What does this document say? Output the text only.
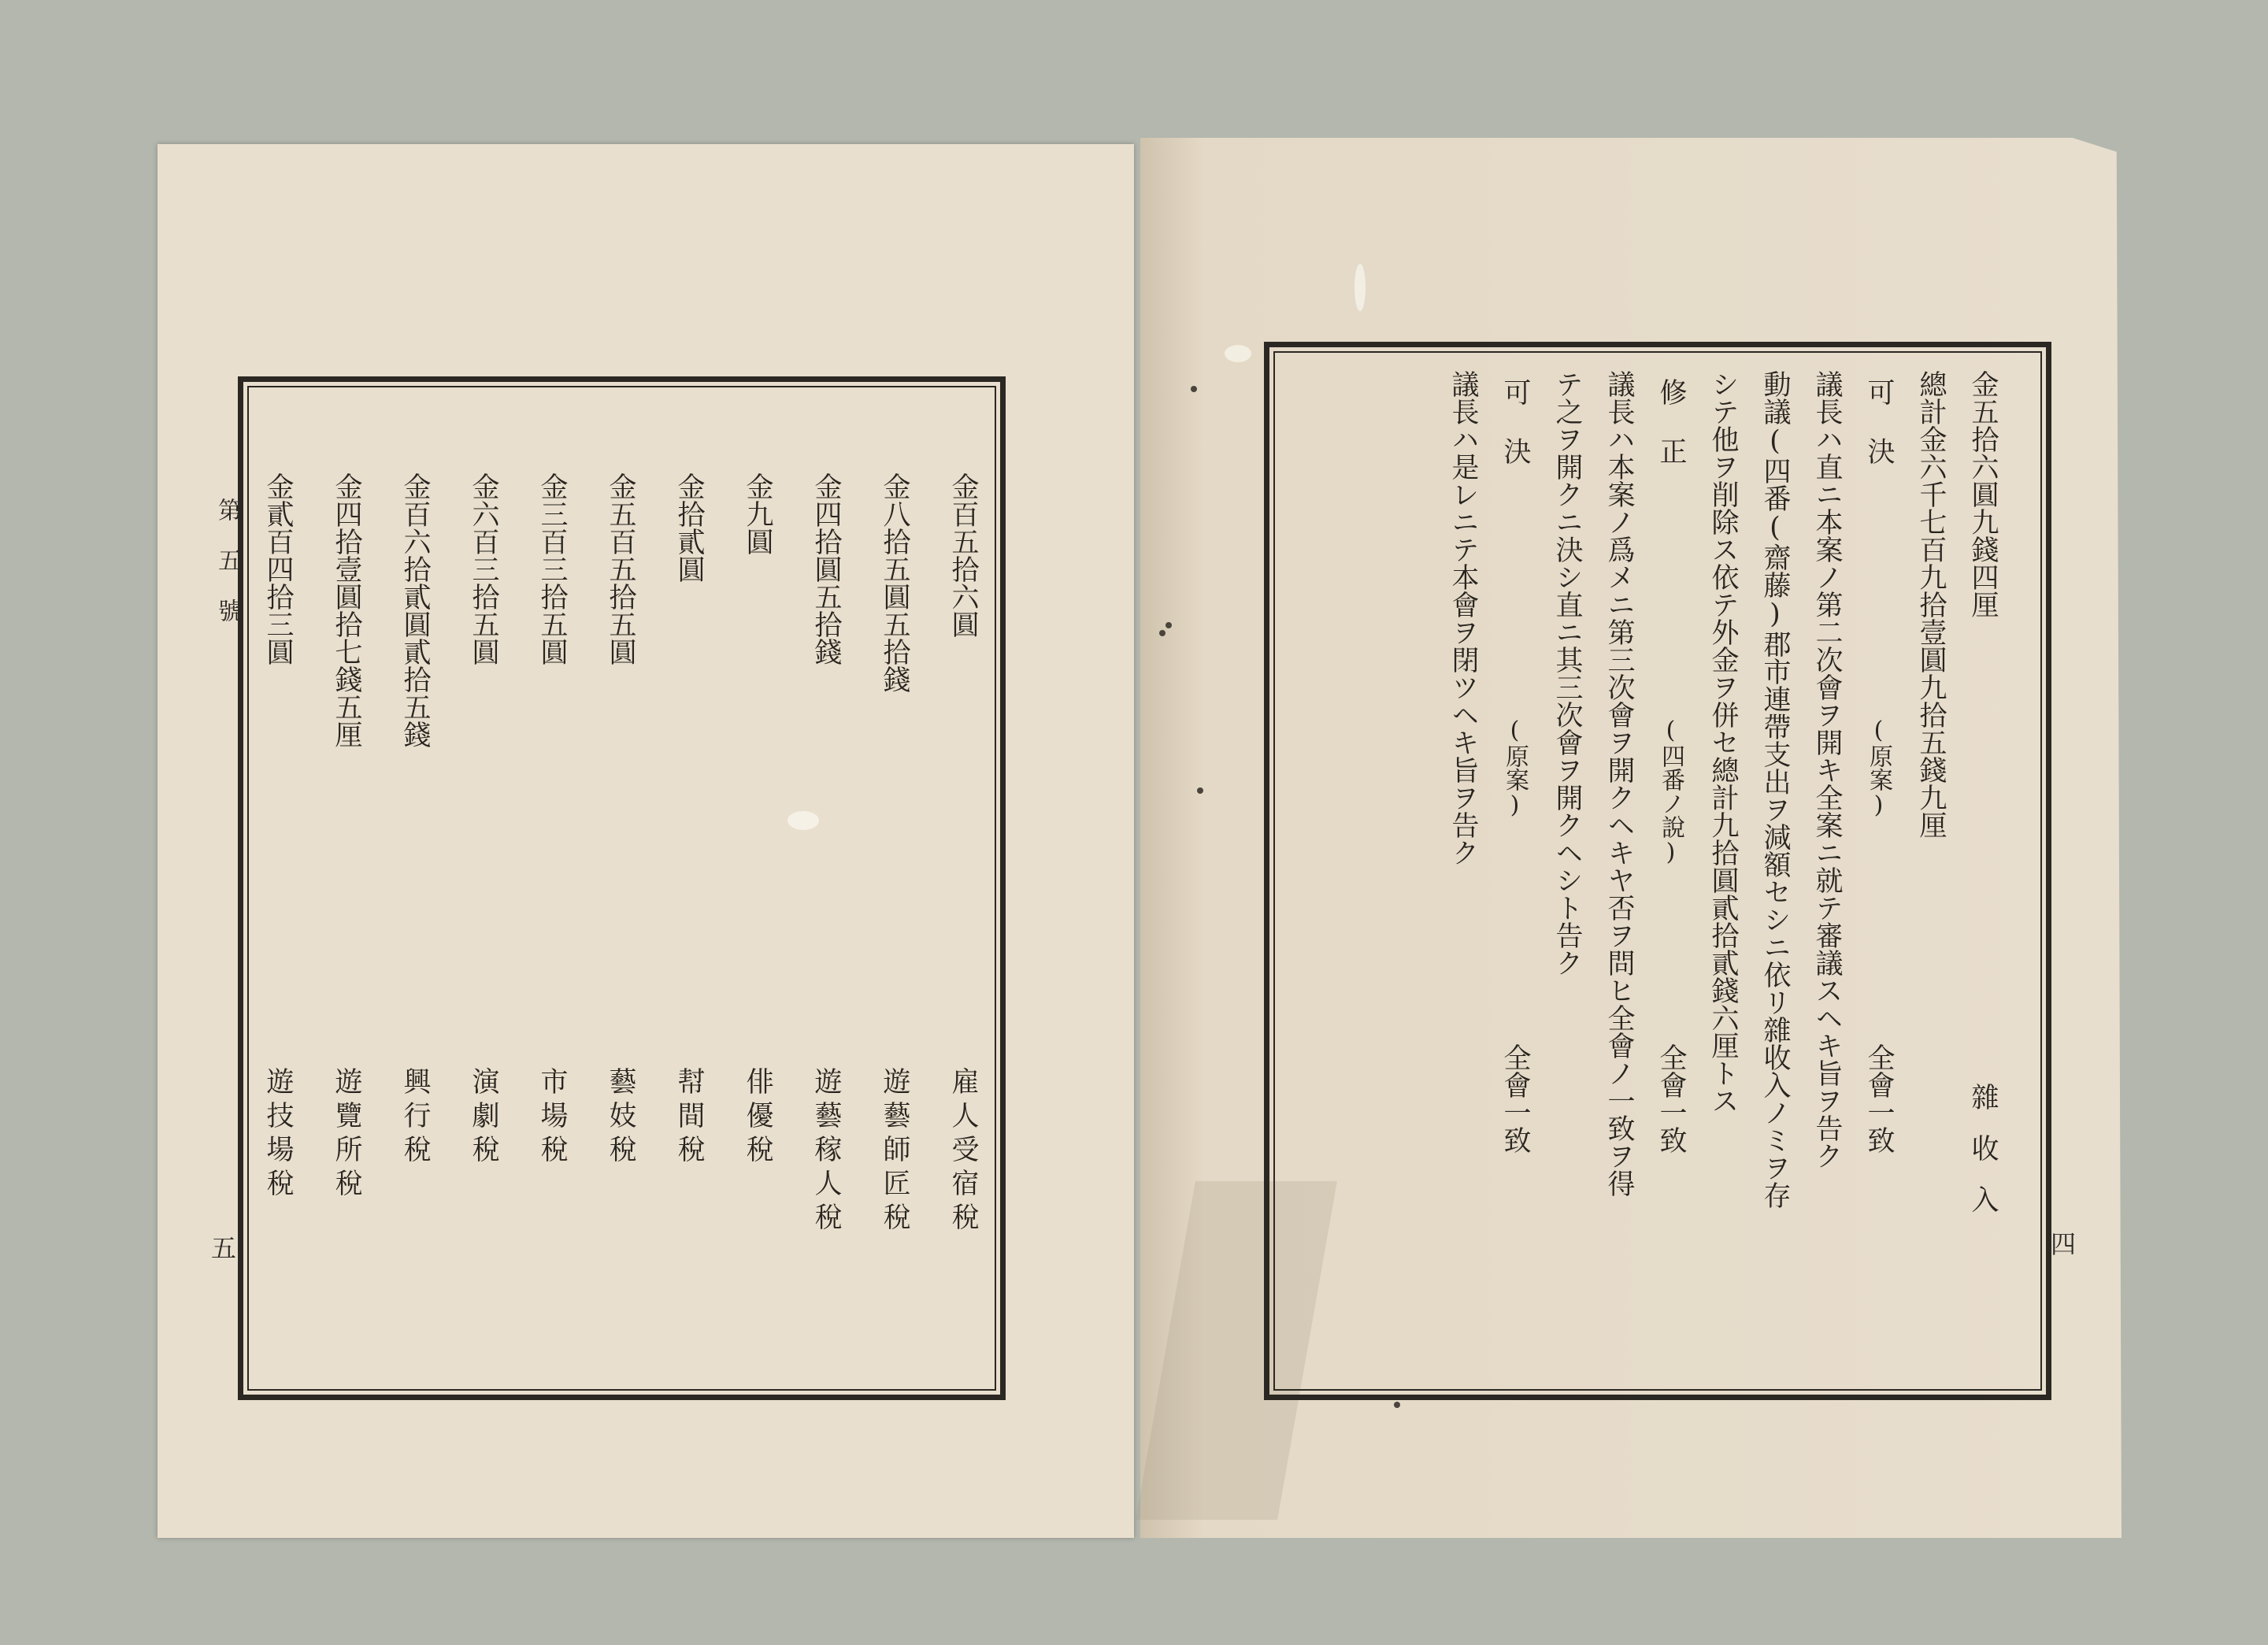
第五號
五	四
金百五拾六圓
雇人受宿稅
金八拾五圓五拾錢
遊藝師匠稅
金四拾圓五拾錢
遊藝稼人稅
金九圓
俳優稅
金拾貳圓
幇間稅
金五百五拾五圓
藝妓稅
金三百三拾五圓
市場稅
金六百三拾五圓
演劇稅
金百六拾貳圓貳拾五錢
興行稅
金四拾壹圓拾七錢五厘
遊覽所稅
金貳百四拾三圓
遊技場稅
金五拾六圓九錢四厘
雜收入
總計金六千七百九拾壹圓九拾五錢九厘
可決
(原案)
全會一致
議長ハ直ニ本案ノ第二次會ヲ開キ全案ニ就テ審議スヘキ旨ヲ告ク
動議(四番(齋藤)郡市連帶支出ヲ減額セシニ依リ雜收入ノミヲ存
シテ他ヲ削除ス依テ外金ヲ併セ總計九拾圓貳拾貳錢六厘トス
修正
(四番ノ說)
全會一致
議長ハ本案ノ爲メニ第三次會ヲ開クヘキヤ否ヲ問ヒ全會ノ一致ヲ得
テ之ヲ開クニ決シ直ニ其三次會ヲ開クヘシト告ク
可決
(原案)
全會一致
議長ハ是レニテ本會ヲ閉ツヘキ旨ヲ告ク
